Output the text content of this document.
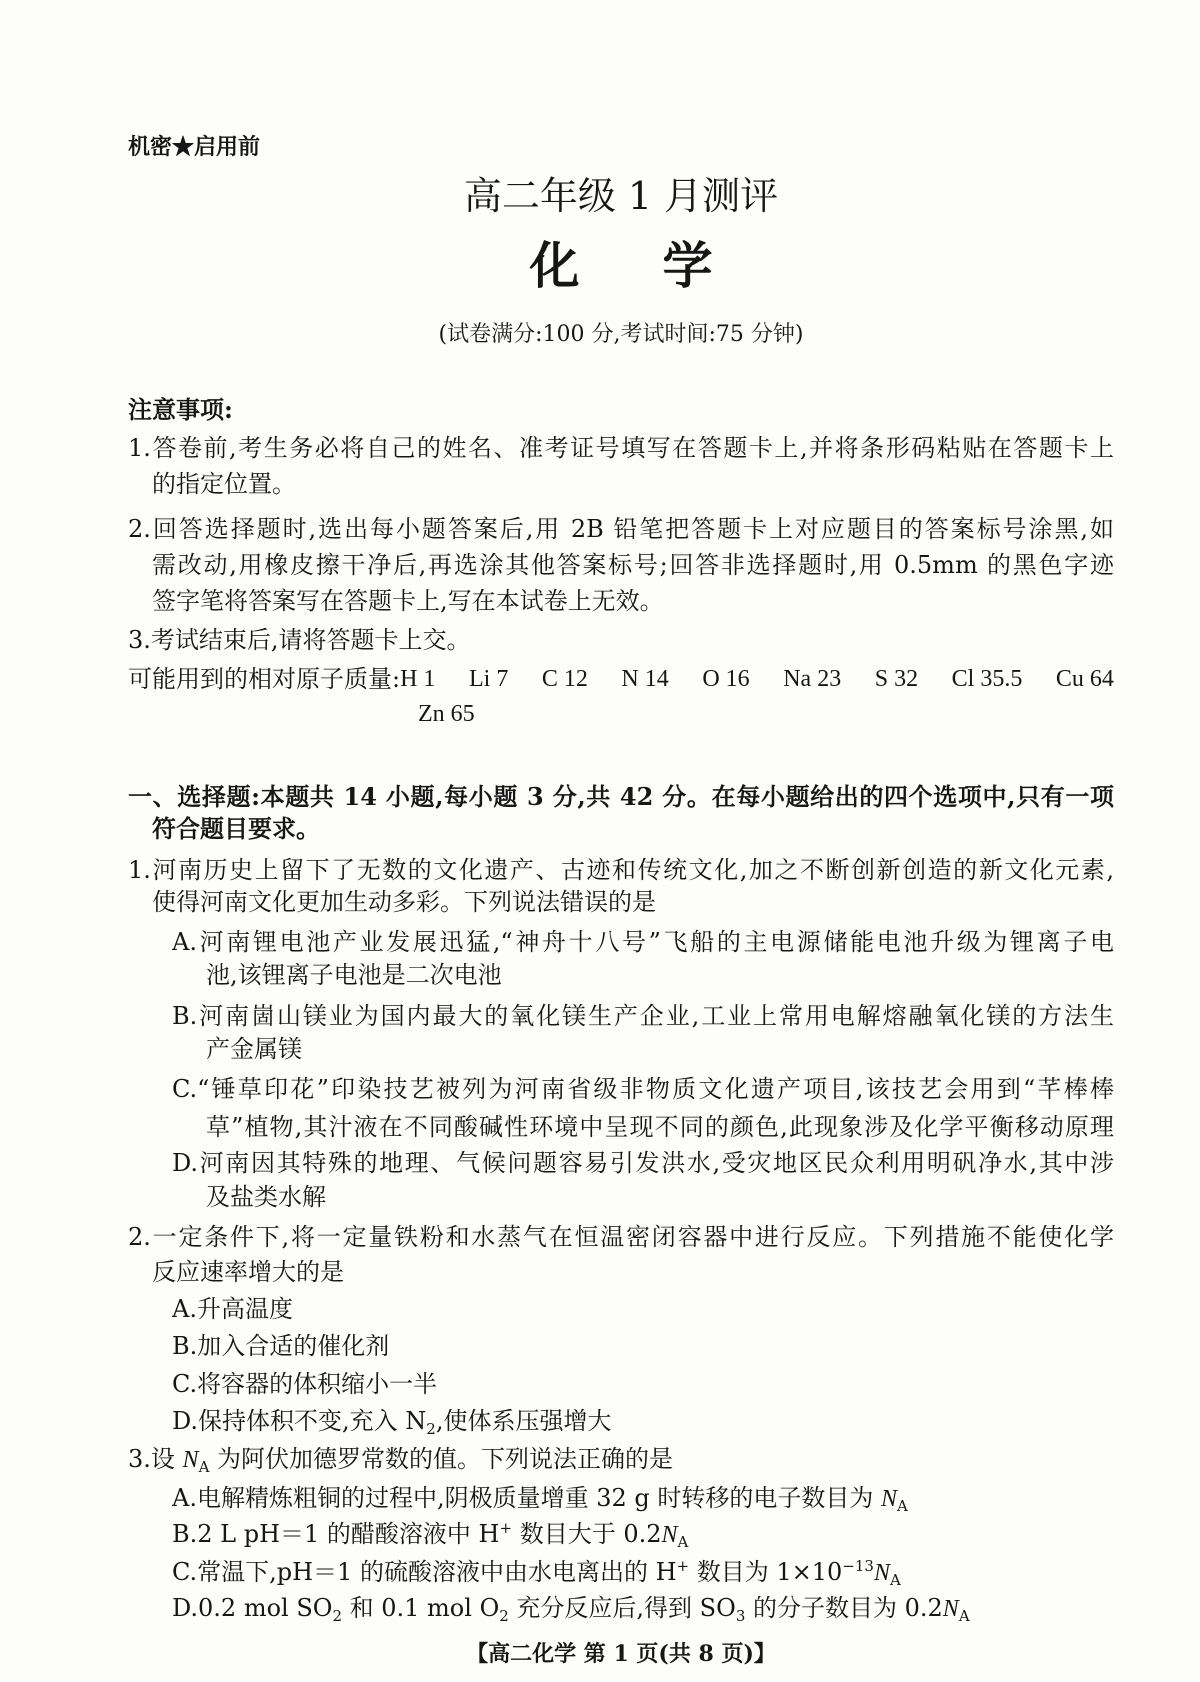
机密★启用前
高二年级 1 月测评
化学
(试卷满分:100 分,考试时间:75 分钟)
注意事项:
1.答卷前,考生务必将自己的姓名、准考证号填写在答题卡上,并将条形码粘贴在答题卡上
的指定位置。
2.回答选择题时,选出每小题答案后,用 2B 铅笔把答题卡上对应题目的答案标号涂黑,如
需改动,用橡皮擦干净后,再选涂其他答案标号;回答非选择题时,用 0.5mm 的黑色字迹
签字笔将答案写在答题卡上,写在本试卷上无效。
3.考试结束后,请将答题卡上交。
可能用到的相对原子质量: H 1 Li 7 C 12 N 14 O 16 Na 23 S 32 Cl 35.5 Cu 64
Zn 65
一、选择题:本题共 14 小题,每小题 3 分,共 42 分。在每小题给出的四个选项中,只有一项
符合题目要求。
1.河南历史上留下了无数的文化遗产、古迹和传统文化,加之不断创新创造的新文化元素,
使得河南文化更加生动多彩。下列说法错误的是
A.河南锂电池产业发展迅猛,“神舟十八号”飞船的主电源储能电池升级为锂离子电
池,该锂离子电池是二次电池
B.河南崮山镁业为国内最大的氧化镁生产企业,工业上常用电解熔融氧化镁的方法生
产金属镁
C.“锤草印花”印染技艺被列为河南省级非物质文化遗产项目,该技艺会用到“芊棒棒
草”植物,其汁液在不同酸碱性环境中呈现不同的颜色,此现象涉及化学平衡移动原理
D.河南因其特殊的地理、气候问题容易引发洪水,受灾地区民众利用明矾净水,其中涉
及盐类水解
2.一定条件下,将一定量铁粉和水蒸气在恒温密闭容器中进行反应。下列措施不能使化学
反应速率增大的是
A.升高温度
B.加入合适的催化剂
C.将容器的体积缩小一半
D.保持体积不变,充入 $N_2$,使体系压强增大
3.设 $N_A$ 为阿伏加德罗常数的值。下列说法正确的是
A.电解精炼粗铜的过程中,阴极质量增重 32 g 时转移的电子数目为 $N_A$
B.2 L pH＝1 的醋酸溶液中 H+ 数目大于 $0.2N_A$
C.常温下,pH＝1 的硫酸溶液中由水电离出的 H+ 数目为 $1\times 10^{-13}N_A$
D.0.2 mol $SO_2$ 和 0.1 mol $O_2$ 充分反应后,得到 $SO_3$ 的分子数目为 $0.2N_A$
【高二化学 第 1 页(共 8 页)】
